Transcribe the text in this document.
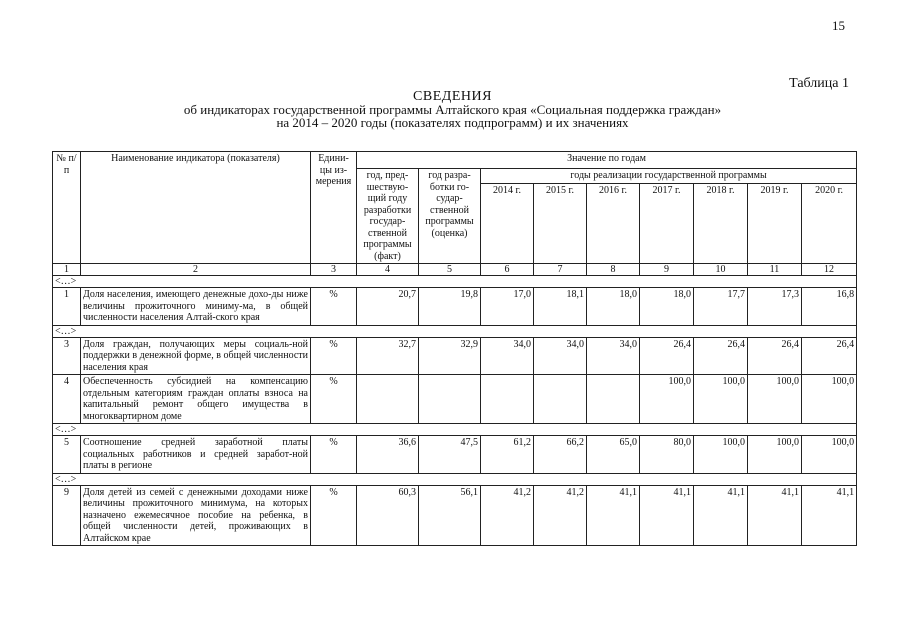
15
Таблица 1
СВЕДЕНИЯ
об индикаторах государственной программы Алтайского края «Социальная поддержка граждан»
на 2014 – 2020 годы (показателях подпрограмм) и их значениях
№ п/п	Наименование индикатора (показателя)	Едини-цы из-мерения	Значение по годам								
			год, пред-шествую-щий году разработки государ-ственной программы (факт)	год разра-ботки го-судар-ственной программы (оценка)	годы реализации государственной программы						
					2014 г.	2015 г.	2016 г.	2017 г.	2018 г.	2019 г.	2020 г.
1	2	3	4	5	6	7	8	9	10	11	12
<…>											
1	Доля населения, имеющего денежные дохо-ды ниже величины прожиточного миниму-ма, в общей численности населения Алтай-ского края	%	20,7	19,8	17,0	18,1	18,0	18,0	17,7	17,3	16,8
<…>											
3	Доля граждан, получающих меры социаль-ной поддержки в денежной форме, в общей численности населения края	%	32,7	32,9	34,0	34,0	34,0	26,4	26,4	26,4	26,4
4	Обеспеченность субсидией на компенсацию отдельным категориям граждан оплаты взноса на капитальный ремонт общего имущества в многоквартирном доме	%						100,0	100,0	100,0	100,0
<…>											
5	Соотношение средней заработной платы социальных работников и средней заработ-ной платы в регионе	%	36,6	47,5	61,2	66,2	65,0	80,0	100,0	100,0	100,0
<…>											
9	Доля детей из семей с денежными доходами ниже величины прожиточного минимума, на которых назначено ежемесячное пособие на ребенка, в общей численности детей, проживающих в Алтайском крае	%	60,3	56,1	41,2	41,2	41,1	41,1	41,1	41,1	41,1
